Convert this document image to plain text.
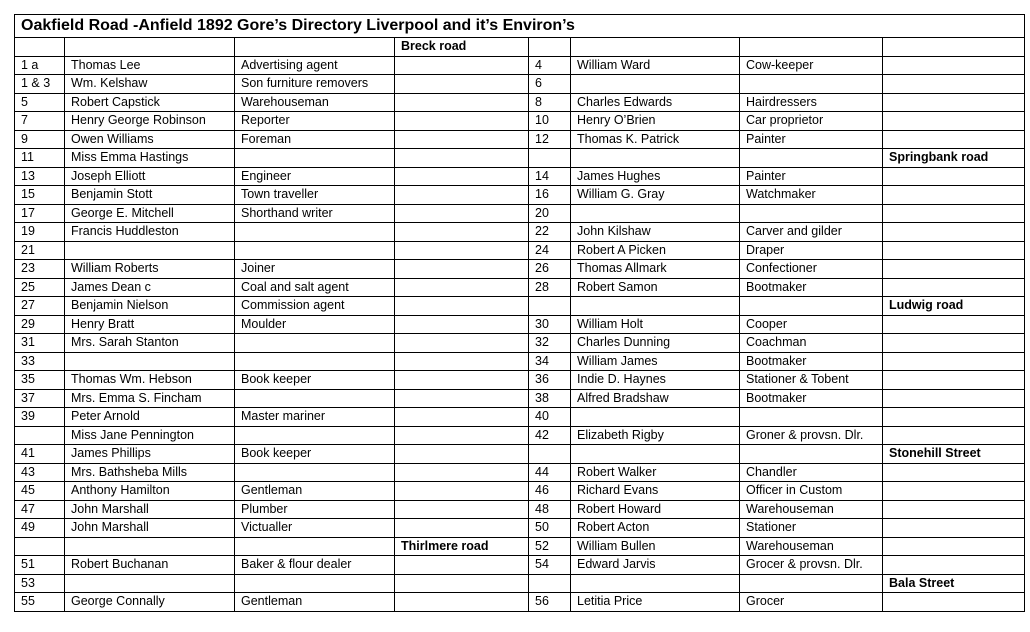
Oakfield Road -Anfield 1892 Gore’s Directory Liverpool and it’s Environ’s							
			Breck road				
1 a	Thomas Lee	Advertising agent		4	William Ward	Cow-keeper	
1 & 3	Wm. Kelshaw	Son furniture removers		6			
5	Robert Capstick	Warehouseman		8	Charles Edwards	Hairdressers	
7	Henry George Robinson	Reporter		10	Henry O’Brien	Car proprietor	
9	Owen Williams	Foreman		12	Thomas K. Patrick	Painter	
11	Miss Emma Hastings						Springbank road
13	Joseph Elliott	Engineer		14	James Hughes	Painter	
15	Benjamin Stott	Town traveller		16	William G. Gray	Watchmaker	
17	George E. Mitchell	Shorthand writer		20			
19	Francis Huddleston			22	John Kilshaw	Carver and gilder	
21				24	Robert A Picken	Draper	
23	William Roberts	Joiner		26	Thomas Allmark	Confectioner	
25	James Dean c	Coal and salt agent		28	Robert Samon	Bootmaker	
27	Benjamin Nielson	Commission agent					Ludwig road
29	Henry Bratt	Moulder		30	William Holt	Cooper	
31	Mrs. Sarah Stanton			32	Charles Dunning	Coachman	
33				34	William James	Bootmaker	
35	Thomas Wm. Hebson	Book keeper		36	Indie D. Haynes	Stationer & Tobent	
37	Mrs. Emma S. Fincham			38	Alfred Bradshaw	Bootmaker	
39	Peter Arnold	Master mariner		40			
	Miss Jane Pennington			42	Elizabeth Rigby	Groner & provsn. Dlr.	
41	James Phillips	Book keeper					Stonehill Street
43	Mrs. Bathsheba Mills			44	Robert Walker	Chandler	
45	Anthony Hamilton	Gentleman		46	Richard Evans	Officer in Custom	
47	John Marshall	Plumber		48	Robert Howard	Warehouseman	
49	John Marshall	Victualler		50	Robert Acton	Stationer	
			Thirlmere road	52	William Bullen	Warehouseman	
51	Robert Buchanan	Baker & flour dealer		54	Edward Jarvis	Grocer & provsn. Dlr.	
53							Bala Street
55	George Connally	Gentleman		56	Letitia Price	Grocer	
